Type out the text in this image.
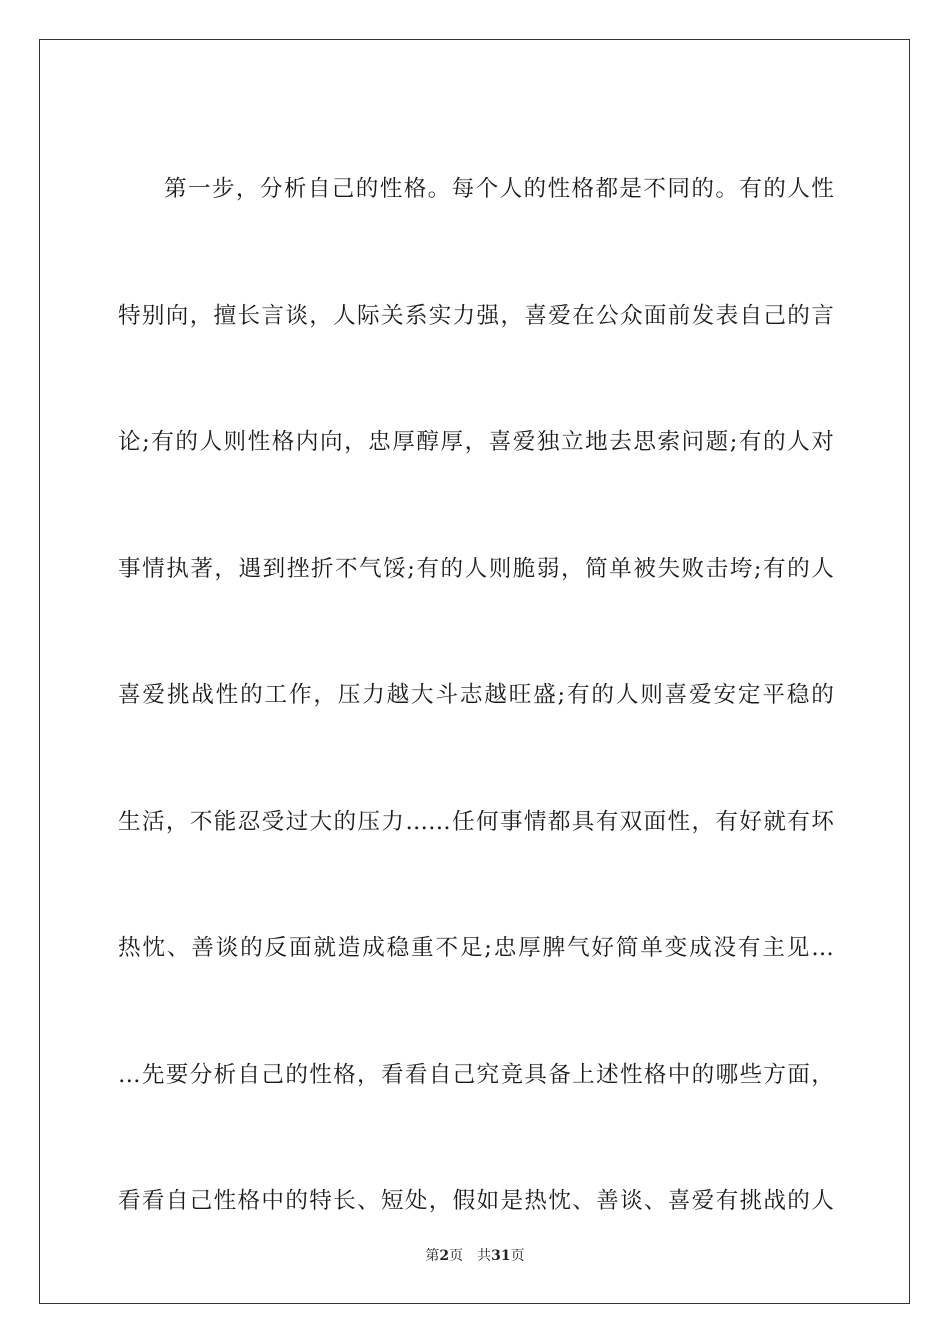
第一步，分析自己的性格。每个人的性格都是不同的。有的人性
特别向，擅长言谈，人际关系实力强，喜爱在公众面前发表自己的言
论;有的人则性格内向，忠厚醇厚，喜爱独立地去思索问题;有的人对
事情执著，遇到挫折不气馁;有的人则脆弱，简单被失败击垮;有的人
喜爱挑战性的工作，压力越大斗志越旺盛;有的人则喜爱安定平稳的
生活，不能忍受过大的压力……任何事情都具有双面性，有好就有坏
热忱、善谈的反面就造成稳重不足;忠厚脾气好简单变成没有主见…
…先要分析自己的性格，看看自己究竟具备上述性格中的哪些方面，
看看自己性格中的特长、短处，假如是热忱、善谈、喜爱有挑战的人
第2页 共31页
